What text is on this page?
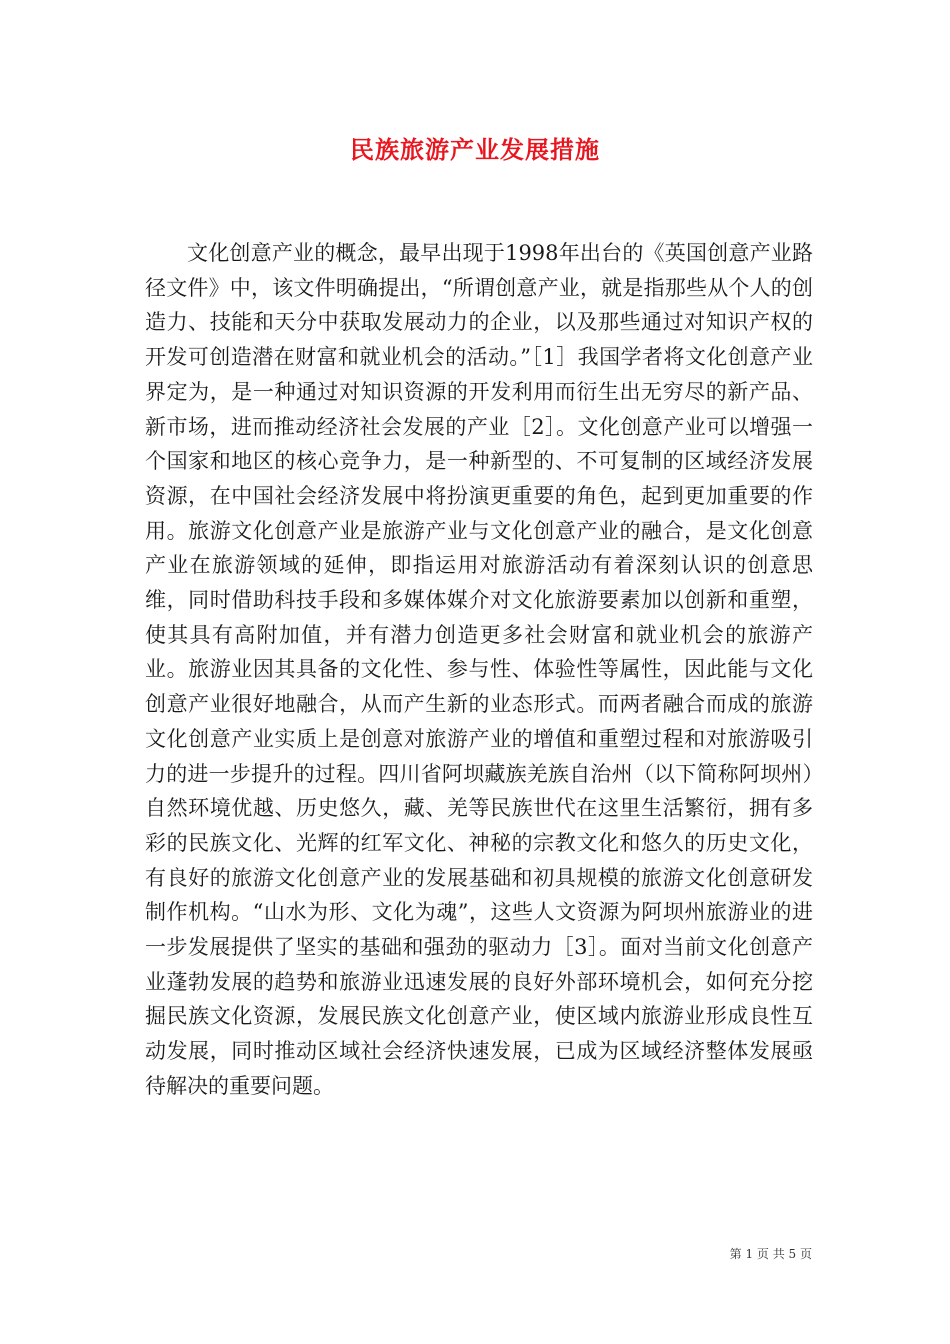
民族旅游产业发展措施

文化创意产业的概念，最早出现于1998年出台的《英国创意产业路径文件》中，该文件明确提出，“所谓创意产业，就是指那些从个人的创造力、技能和天分中获取发展动力的企业，以及那些通过对知识产权的开发可创造潜在财富和就业机会的活动。”［1］我国学者将文化创意产业界定为，是一种通过对知识资源的开发利用而衍生出无穷尽的新产品、新市场，进而推动经济社会发展的产业［2］。文化创意产业可以增强一个国家和地区的核心竞争力，是一种新型的、不可复制的区域经济发展资源，在中国社会经济发展中将扮演更重要的角色，起到更加重要的作用。旅游文化创意产业是旅游产业与文化创意产业的融合，是文化创意产业在旅游领域的延伸，即指运用对旅游活动有着深刻认识的创意思维，同时借助科技手段和多媒体媒介对文化旅游要素加以创新和重塑，使其具有高附加值，并有潜力创造更多社会财富和就业机会的旅游产业。旅游业因其具备的文化性、参与性、体验性等属性，因此能与文化创意产业很好地融合，从而产生新的业态形式。而两者融合而成的旅游文化创意产业实质上是创意对旅游产业的增值和重塑过程和对旅游吸引力的进一步提升的过程。四川省阿坝藏族羌族自治州（以下简称阿坝州）自然环境优越、历史悠久，藏、羌等民族世代在这里生活繁衍，拥有多彩的民族文化、光辉的红军文化、神秘的宗教文化和悠久的历史文化，有良好的旅游文化创意产业的发展基础和初具规模的旅游文化创意研发制作机构。“山水为形、文化为魂”，这些人文资源为阿坝州旅游业的进一步发展提供了坚实的基础和强劲的驱动力［3］。面对当前文化创意产业蓬勃发展的趋势和旅游业迅速发展的良好外部环境机会，如何充分挖掘民族文化资源，发展民族文化创意产业，使区域内旅游业形成良性互动发展，同时推动区域社会经济快速发展，已成为区域经济整体发展亟待解决的重要问题。

第 1 页 共 5 页
